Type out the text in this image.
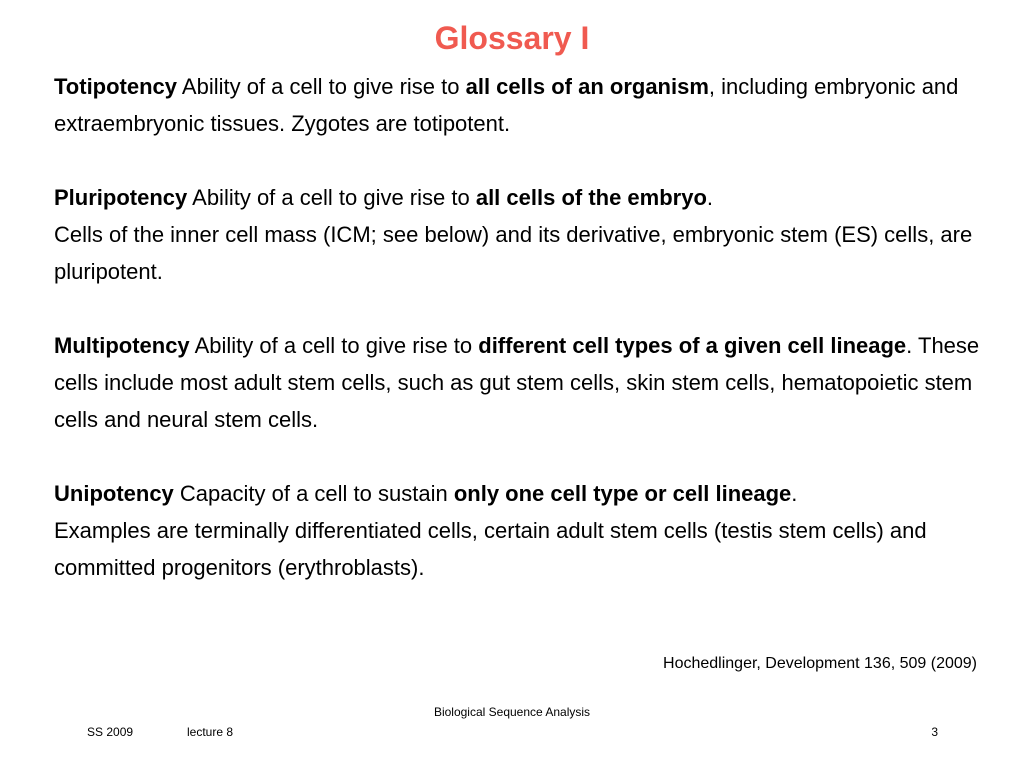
Glossary I

Totipotency Ability of a cell to give rise to all cells of an organism, including embryonic and extraembryonic tissues. Zygotes are totipotent.

Pluripotency Ability of a cell to give rise to all cells of the embryo.
Cells of the inner cell mass (ICM; see below) and its derivative, embryonic stem (ES) cells, are pluripotent.

Multipotency Ability of a cell to give rise to different cell types of a given cell lineage. These cells include most adult stem cells, such as gut stem cells, skin stem cells, hematopoietic stem cells and neural stem cells.

Unipotency Capacity of a cell to sustain only one cell type or cell lineage.
Examples are terminally differentiated cells, certain adult stem cells (testis stem cells) and committed progenitors (erythroblasts).

Hochedlinger, Development 136, 509 (2009)
Biological Sequence Analysis
SS 2009	lecture 8	3
